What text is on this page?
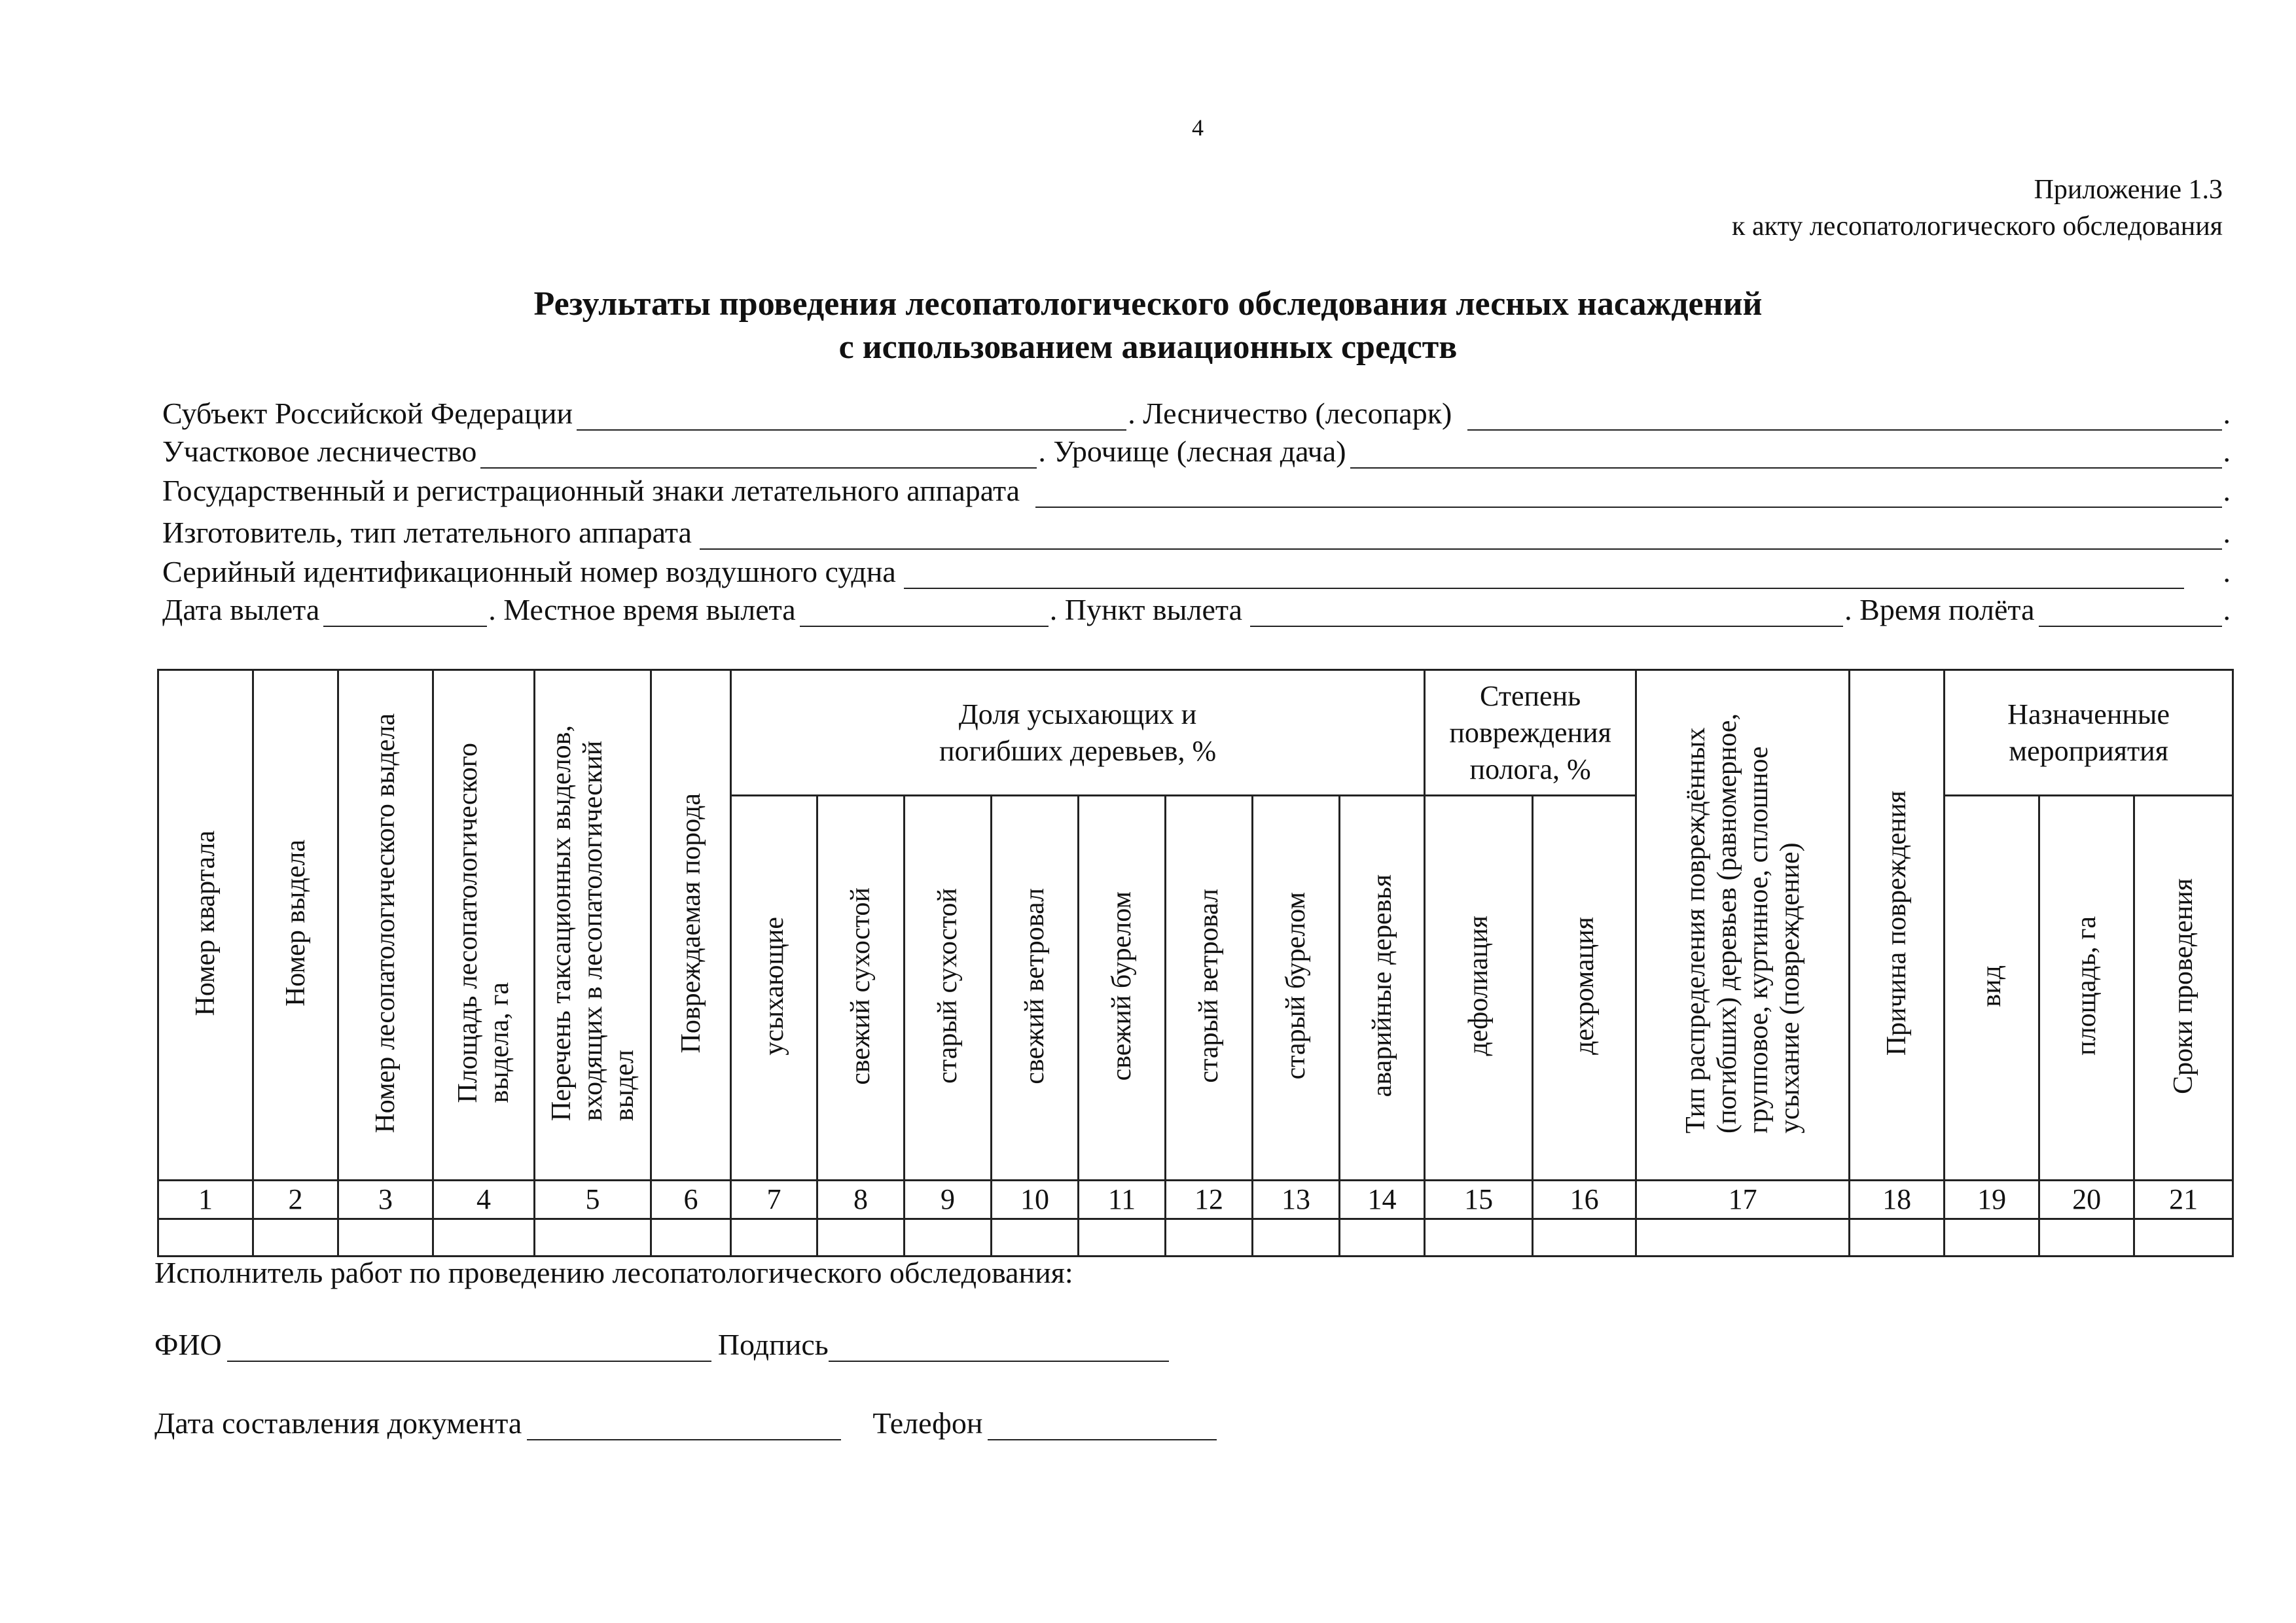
4
Приложение 1.3
к акту лесопатологического обследования
Результаты проведения лесопатологического обследования лесных насаждений
с использованием авиационных средств
Субъект Российской Федерации	. Лесничество (лесопарк)	.
Участковое лесничество	. Урочище (лесная дача)	.
Государственный и регистрационный знаки летательного аппарата	.
Изготовитель, тип летательного аппарата	.
Серийный идентификационный номер воздушного судна	.
Дата вылета	. Местное время вылета	. Пункт вылета	. Время полёта	.
Номер квартала	Номер выдела	Номер лесопатологического выдела	Площадь лесопатологического
выдела, га	Перечень таксационных выделов,
входящих в лесопатологический
выдел	Повреждаемая порода	Доля усыхающих и погибших деревьев, %								Степень повреждения полога, %		Тип распределения повреждённых
(погибших) деревьев (равномерное,
групповое, куртинное, сплошное
усыхание (повреждение)	Причина повреждения	Назначенные мероприятия		

						усыхающие	свежий сухостой	старый сухостой	свежий ветровал	свежий бурелом	старый ветровал	старый бурелом	аварийные деревья	дефолиация	дехромация			вид	площадь, га	Сроки проведения

1	2	3	4	5	6	7	8	9	10	11	12	13	14	15	16	17	18	19	20	21

Исполнитель работ по проведению лесопатологического обследования:
ФИО	Подпись
Дата составления документа	Телефон
